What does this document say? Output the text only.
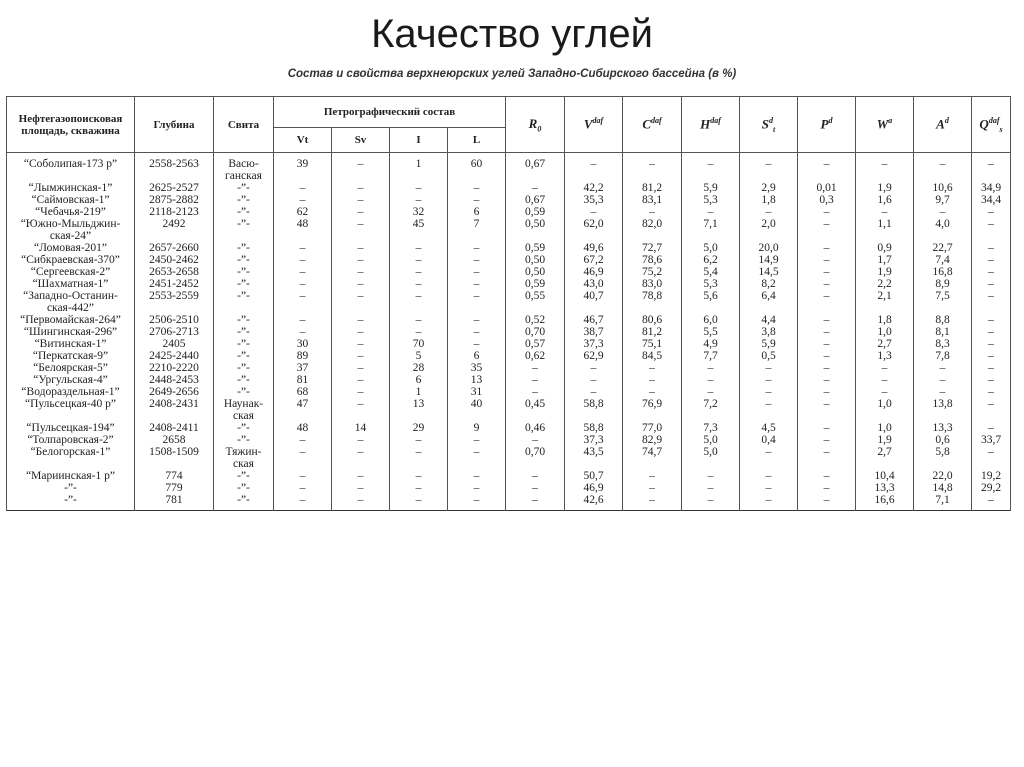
Качество углей
Состав и свойства верхнеюрских углей Западно-Сибирского бассейна (в %)
Нефтегазопоисковая площадь, скважина	Глубина	Свита	Петрографический состав				$R_0$	$V^{daf}$	$C^{daf}$	$H^{daf}$	$S^d_t$	$P^d$	$W^a$	$A^d$	$Q^{daf}_s$
			Vt	Sv	I	L									
“Соболипая-173 р”	2558-2563	Васю-
ганская	39	–	1	60	0,67	–	–	–	–	–	–	–	–
“Лымжинская-1”	2625-2527	-”-	–	–	–	–	–	42,2	81,2	5,9	2,9	0,01	1,9	10,6	34,9
“Саймовская-1”	2875-2882	-”-	–	–	–	–	0,67	35,3	83,1	5,3	1,8	0,3	1,6	9,7	34,4
“Чебачья-219”	2118-2123	-”-	62	–	32	6	0,59	–	–	–	–	–	–	–	–
“Южно-Мыльджин-
ская-24”	2492	-”-	48	–	45	7	0,50	62,0	82,0	7,1	2,0	–	1,1	4,0	–
“Ломовая-201”	2657-2660	-”-	–	–	–	–	0,59	49,6	72,7	5,0	20,0	–	0,9	22,7	–
“Сибкраевская-370”	2450-2462	-”-	–	–	–	–	0,50	67,2	78,6	6,2	14,9	–	1,7	7,4	–
“Сергеевская-2”	2653-2658	-”-	–	–	–	–	0,50	46,9	75,2	5,4	14,5	–	1,9	16,8	–
“Шахматная-1”	2451-2452	-”-	–	–	–	–	0,59	43,0	83,0	5,3	8,2	–	2,2	8,9	–
“Западно-Останин-
ская-442”	2553-2559	-”-	–	–	–	–	0,55	40,7	78,8	5,6	6,4	–	2,1	7,5	–
“Первомайская-264”	2506-2510	-”-	–	–	–	–	0,52	46,7	80,6	6,0	4,4	–	1,8	8,8	–
“Шингинская-296”	2706-2713	-”-	–	–	–	–	0,70	38,7	81,2	5,5	3,8	–	1,0	8,1	–
“Витинская-1”	2405	-”-	30	–	70	–	0,57	37,3	75,1	4,9	5,9	–	2,7	8,3	–
“Перкатская-9”	2425-2440	-”-	89	–	5	6	0,62	62,9	84,5	7,7	0,5	–	1,3	7,8	–
“Белоярская-5”	2210-2220	-”-	37	–	28	35	–	–	–	–	–	–	–	–	–
“Ургульская-4”	2448-2453	-”-	81	–	6	13	–	–	–	–	–	–	–	–	–
“Водораздельная-1”	2649-2656	-”-	68	–	1	31	–	–	–	–	–	–	–	–	–
“Пульсецкая-40 р”	2408-2431	Наунак-
ская	47	–	13	40	0,45	58,8	76,9	7,2	–	–	1,0	13,8	–
“Пульсецкая-194”	2408-2411	-”-	48	14	29	9	0,46	58,8	77,0	7,3	4,5	–	1,0	13,3	–
“Толпаровская-2”	2658	-”-	–	–	–	–	–	37,3	82,9	5,0	0,4	–	1,9	0,6	33,7
“Белогорская-1”	1508-1509	Тяжин-
ская	–	–	–	–	0,70	43,5	74,7	5,0	–	–	2,7	5,8	–
“Мариинская-1 р”	774	-”-	–	–	–	–	–	50,7	–	–	–	–	10,4	22,0	19,2
-”-	779	-”-	–	–	–	–	–	46,9	–	–	–	–	13,3	14,8	29,2
-”-	781	-”-	–	–	–	–	–	42,6	–	–	–	–	16,6	7,1	–
